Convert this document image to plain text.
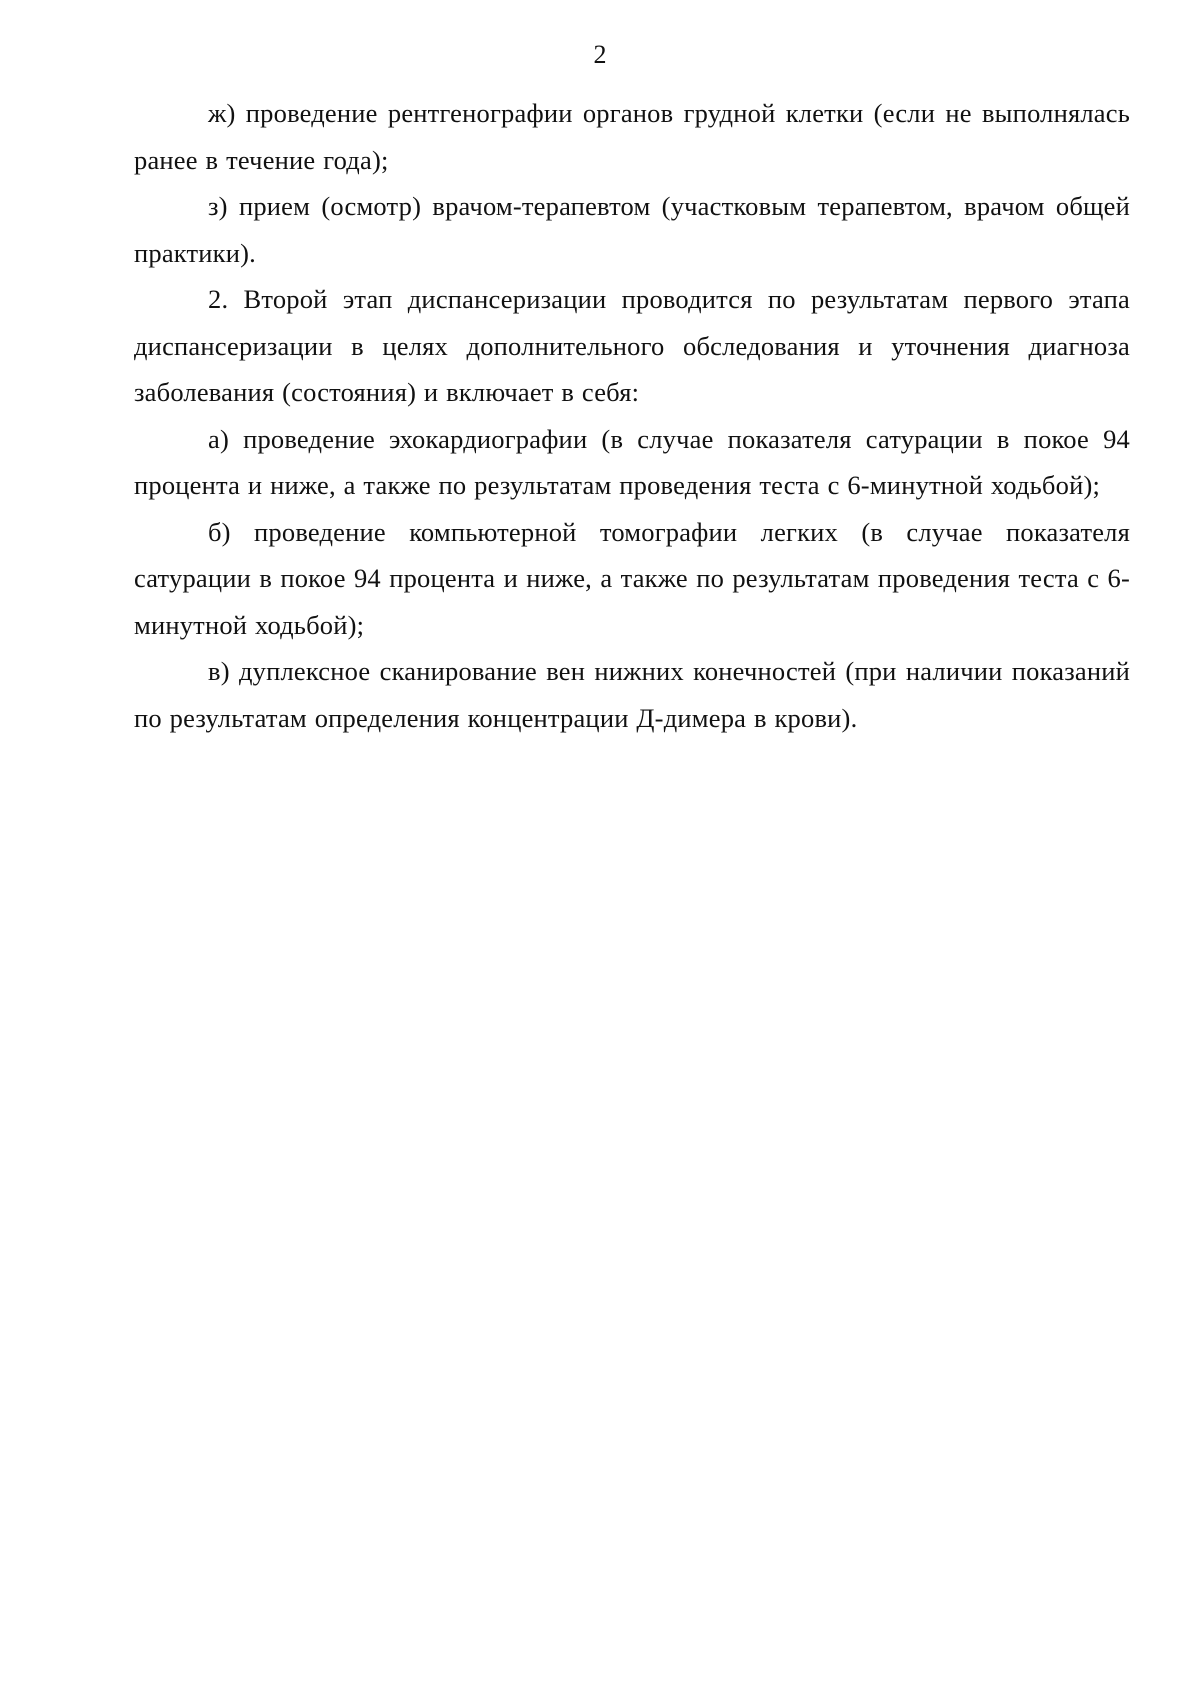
2

ж) проведение рентгенографии органов грудной клетки (если не выполнялась ранее в течение года);

з) прием (осмотр) врачом-терапевтом (участковым терапевтом, врачом общей практики).

2. Второй этап диспансеризации проводится по результатам первого этапа диспансеризации в целях дополнительного обследования и уточнения диагноза заболевания (состояния) и включает в себя:

а) проведение эхокардиографии (в случае показателя сатурации в покое 94 процента и ниже, а также по результатам проведения теста с 6-минутной ходьбой);

б) проведение компьютерной томографии легких (в случае показателя сатурации в покое 94 процента и ниже, а также по результатам проведения теста с 6-минутной ходьбой);

в) дуплексное сканирование вен нижних конечностей (при наличии показаний по результатам определения концентрации Д-димера в крови).
